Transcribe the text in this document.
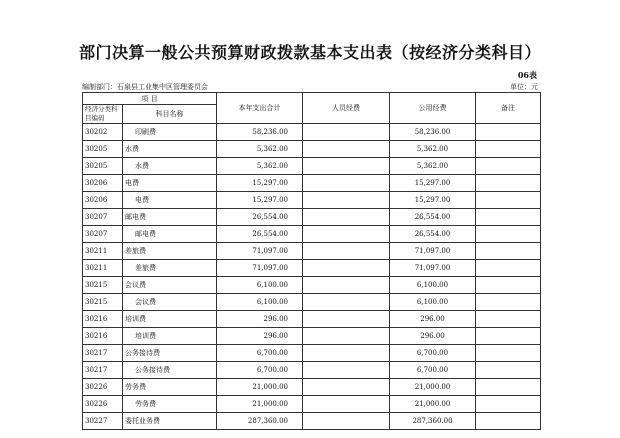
部门决算一般公共预算财政拨款基本支出表（按经济分类科目）
06表
编制部门：石泉县工业集中区管理委员会	单位：元
项 目		本年支出合计	人员经费	公用经费	备注
经济分类科目编码	科目名称				
30202	印刷费	58,236.00		58,236.00	
30205	水费	5,362.00		5,362.00	
30205	水费	5,362.00		5,362.00	
30206	电费	15,297.00		15,297.00	
30206	电费	15,297.00		15,297.00	
30207	邮电费	26,554.00		26,554.00	
30207	邮电费	26,554.00		26,554.00	
30211	差旅费	71,097.00		71,097.00	
30211	差旅费	71,097.00		71,097.00	
30215	会议费	6,100.00		6,100.00	
30215	会议费	6,100.00		6,100.00	
30216	培训费	296.00		296.00	
30216	培训费	296.00		296.00	
30217	公务接待费	6,700.00		6,700.00	
30217	公务接待费	6,700.00		6,700.00	
30226	劳务费	21,000.00		21,000.00	
30226	劳务费	21,000.00		21,000.00	
30227	委托业务费	287,360.00		287,360.00	
